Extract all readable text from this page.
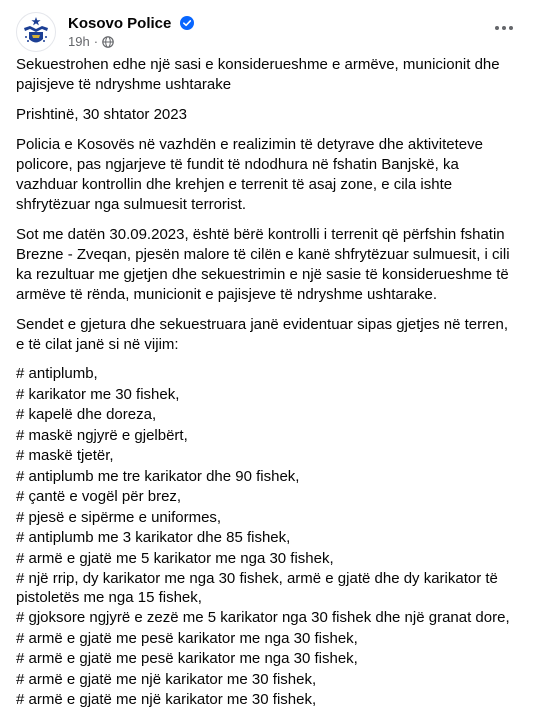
Kosovo Police
19h ·

Sekuestrohen edhe një sasi e konsiderueshme e armëve, municionit dhe pajisjeve të ndryshme ushtarake

Prishtinë, 30 shtator 2023

Policia e Kosovës në vazhdën e realizimin të detyrave dhe aktiviteteve policore, pas ngjarjeve të fundit të ndodhura në fshatin Banjskë, ka vazhduar kontrollin dhe krehjen e terrenit të asaj zone, e cila ishte shfrytëzuar nga sulmuesit terrorist.

Sot me datën 30.09.2023, është bërë kontrolli i terrenit që përfshin fshatin Brezne - Zveqan, pjesën malore të cilën e kanë shfrytëzuar sulmuesit, i cili ka rezultuar me gjetjen dhe sekuestrimin e një sasie të konsiderueshme të armëve të rënda, municionit e pajisjeve të ndryshme ushtarake.

Sendet e gjetura dhe sekuestruara janë evidentuar sipas gjetjes në terren, e të cilat janë si në vijim:

# antiplumb,
# karikator me 30 fishek,
# kapelë dhe doreza,
# maskë ngjyrë e gjelbërt,
# maskë tjetër,
# antiplumb me tre karikator dhe 90 fishek,
# çantë e vogël për brez,
# pjesë e sipërme e uniformes,
# antiplumb me 3 karikator dhe 85 fishek,
# armë e gjatë me 5 karikator me nga 30 fishek,
# një rrip, dy karikator me nga 30 fishek, armë e gjatë dhe dy karikator të pistoletës me nga 15 fishek,
# gjoksore ngjyrë e zezë me 5 karikator nga 30 fishek dhe një granat dore,
# armë e gjatë me pesë karikator me nga 30 fishek,
# armë e gjatë me pesë karikator me nga 30 fishek,
# armë e gjatë me një karikator me 30 fishek,
# armë e gjatë me një karikator me 30 fishek,
